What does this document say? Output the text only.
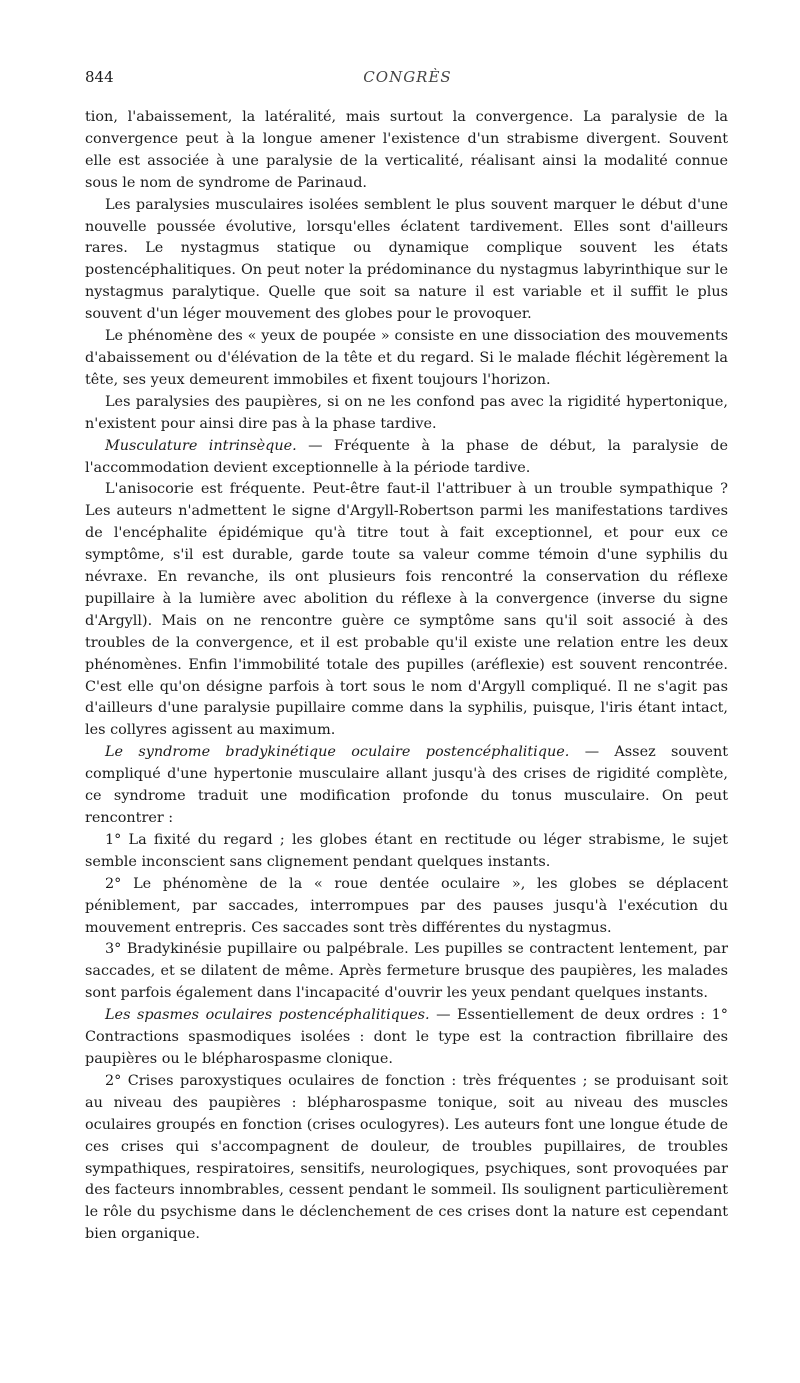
844	CONGRÈS

tion, l'abaissement, la latéralité, mais surtout la convergence. La paralysie de la convergence peut à la longue amener l'existence d'un strabisme divergent. Souvent elle est associée à une paralysie de la verticalité, réalisant ainsi la modalité connue sous le nom de syndrome de Parinaud.

Les paralysies musculaires isolées semblent le plus souvent marquer le début d'une nouvelle poussée évolutive, lorsqu'elles éclatent tardivement. Elles sont d'ailleurs rares. Le nystagmus statique ou dynamique complique souvent les états postencéphalitiques. On peut noter la prédominance du nystagmus labyrinthique sur le nystagmus paralytique. Quelle que soit sa nature il est variable et il suffit le plus souvent d'un léger mouvement des globes pour le provoquer.

Le phénomène des « yeux de poupée » consiste en une dissociation des mouvements d'abaissement ou d'élévation de la tête et du regard. Si le malade fléchit légèrement la tête, ses yeux demeurent immobiles et fixent toujours l'horizon.

Les paralysies des paupières, si on ne les confond pas avec la rigidité hypertonique, n'existent pour ainsi dire pas à la phase tardive.

Musculature intrinsèque. — Fréquente à la phase de début, la paralysie de l'accommodation devient exceptionnelle à la période tardive.

L'anisocorie est fréquente. Peut-être faut-il l'attribuer à un trouble sympathique ? Les auteurs n'admettent le signe d'Argyll-Robertson parmi les manifestations tardives de l'encéphalite épidémique qu'à titre tout à fait exceptionnel, et pour eux ce symptôme, s'il est durable, garde toute sa valeur comme témoin d'une syphilis du névraxe. En revanche, ils ont plusieurs fois rencontré la conservation du réflexe pupillaire à la lumière avec abolition du réflexe à la convergence (inverse du signe d'Argyll). Mais on ne rencontre guère ce symptôme sans qu'il soit associé à des troubles de la convergence, et il est probable qu'il existe une relation entre les deux phénomènes. Enfin l'immobilité totale des pupilles (aréflexie) est souvent rencontrée. C'est elle qu'on désigne parfois à tort sous le nom d'Argyll compliqué. Il ne s'agit pas d'ailleurs d'une paralysie pupillaire comme dans la syphilis, puisque, l'iris étant intact, les collyres agissent au maximum.

Le syndrome bradykinétique oculaire postencéphalitique. — Assez souvent compliqué d'une hypertonie musculaire allant jusqu'à des crises de rigidité complète, ce syndrome traduit une modification profonde du tonus musculaire. On peut rencontrer :

1° La fixité du regard ; les globes étant en rectitude ou léger strabisme, le sujet semble inconscient sans clignement pendant quelques instants.

2° Le phénomène de la « roue dentée oculaire », les globes se déplacent péniblement, par saccades, interrompues par des pauses jusqu'à l'exécution du mouvement entrepris. Ces saccades sont très différentes du nystagmus.

3° Bradykinésie pupillaire ou palpébrale. Les pupilles se contractent lentement, par saccades, et se dilatent de même. Après fermeture brusque des paupières, les malades sont parfois également dans l'incapacité d'ouvrir les yeux pendant quelques instants.

Les spasmes oculaires postencéphalitiques. — Essentiellement de deux ordres : 1° Contractions spasmodiques isolées : dont le type est la contraction fibrillaire des paupières ou le blépharospasme clonique.

2° Crises paroxystiques oculaires de fonction : très fréquentes ; se produisant soit au niveau des paupières : blépharospasme tonique, soit au niveau des muscles oculaires groupés en fonction (crises oculogyres). Les auteurs font une longue étude de ces crises qui s'accompagnent de douleur, de troubles pupillaires, de troubles sympathiques, respiratoires, sensitifs, neurologiques, psychiques, sont provoquées par des facteurs innombrables, cessent pendant le sommeil. Ils soulignent particulièrement le rôle du psychisme dans le déclenchement de ces crises dont la nature est cependant bien organique.
